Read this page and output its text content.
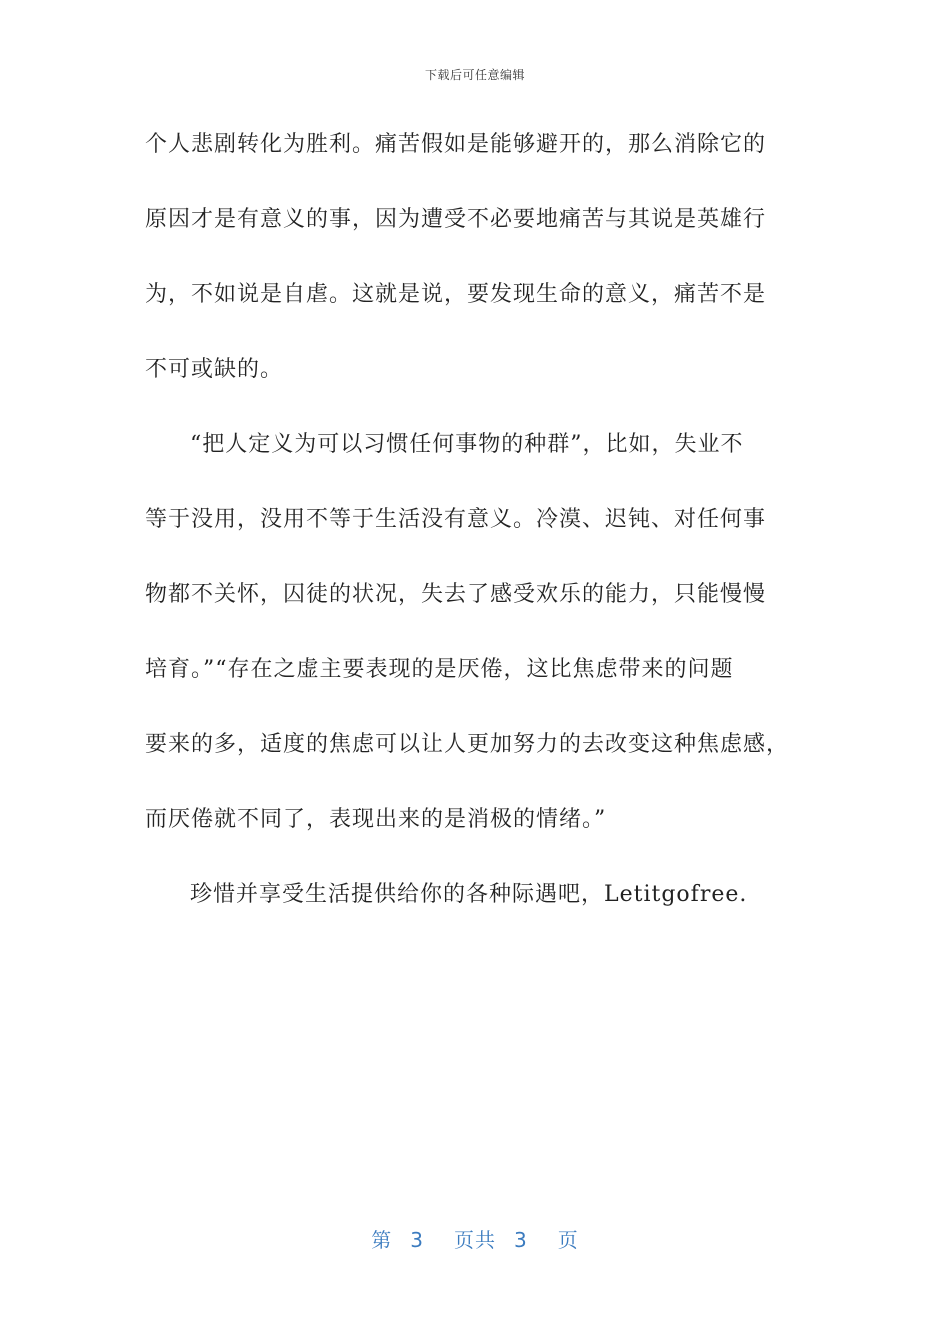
下载后可任意编辑
个人悲剧转化为胜利。痛苦假如是能够避开的，那么消除它的
原因才是有意义的事，因为遭受不必要地痛苦与其说是英雄行
为，不如说是自虐。这就是说，要发现生命的意义，痛苦不是
不可或缺的。
“把人定义为可以习惯任何事物的种群”，比如，失业不
等于没用，没用不等于生活没有意义。冷漠、迟钝、对任何事
物都不关怀，囚徒的状况，失去了感受欢乐的能力，只能慢慢
培育。”“存在之虚主要表现的是厌倦，这比焦虑带来的问题
要来的多，适度的焦虑可以让人更加努力的去改变这种焦虑感，
而厌倦就不同了，表现出来的是消极的情绪。”
珍惜并享受生活提供给你的各种际遇吧，Letitgofree.
第 3 页共 3 页
